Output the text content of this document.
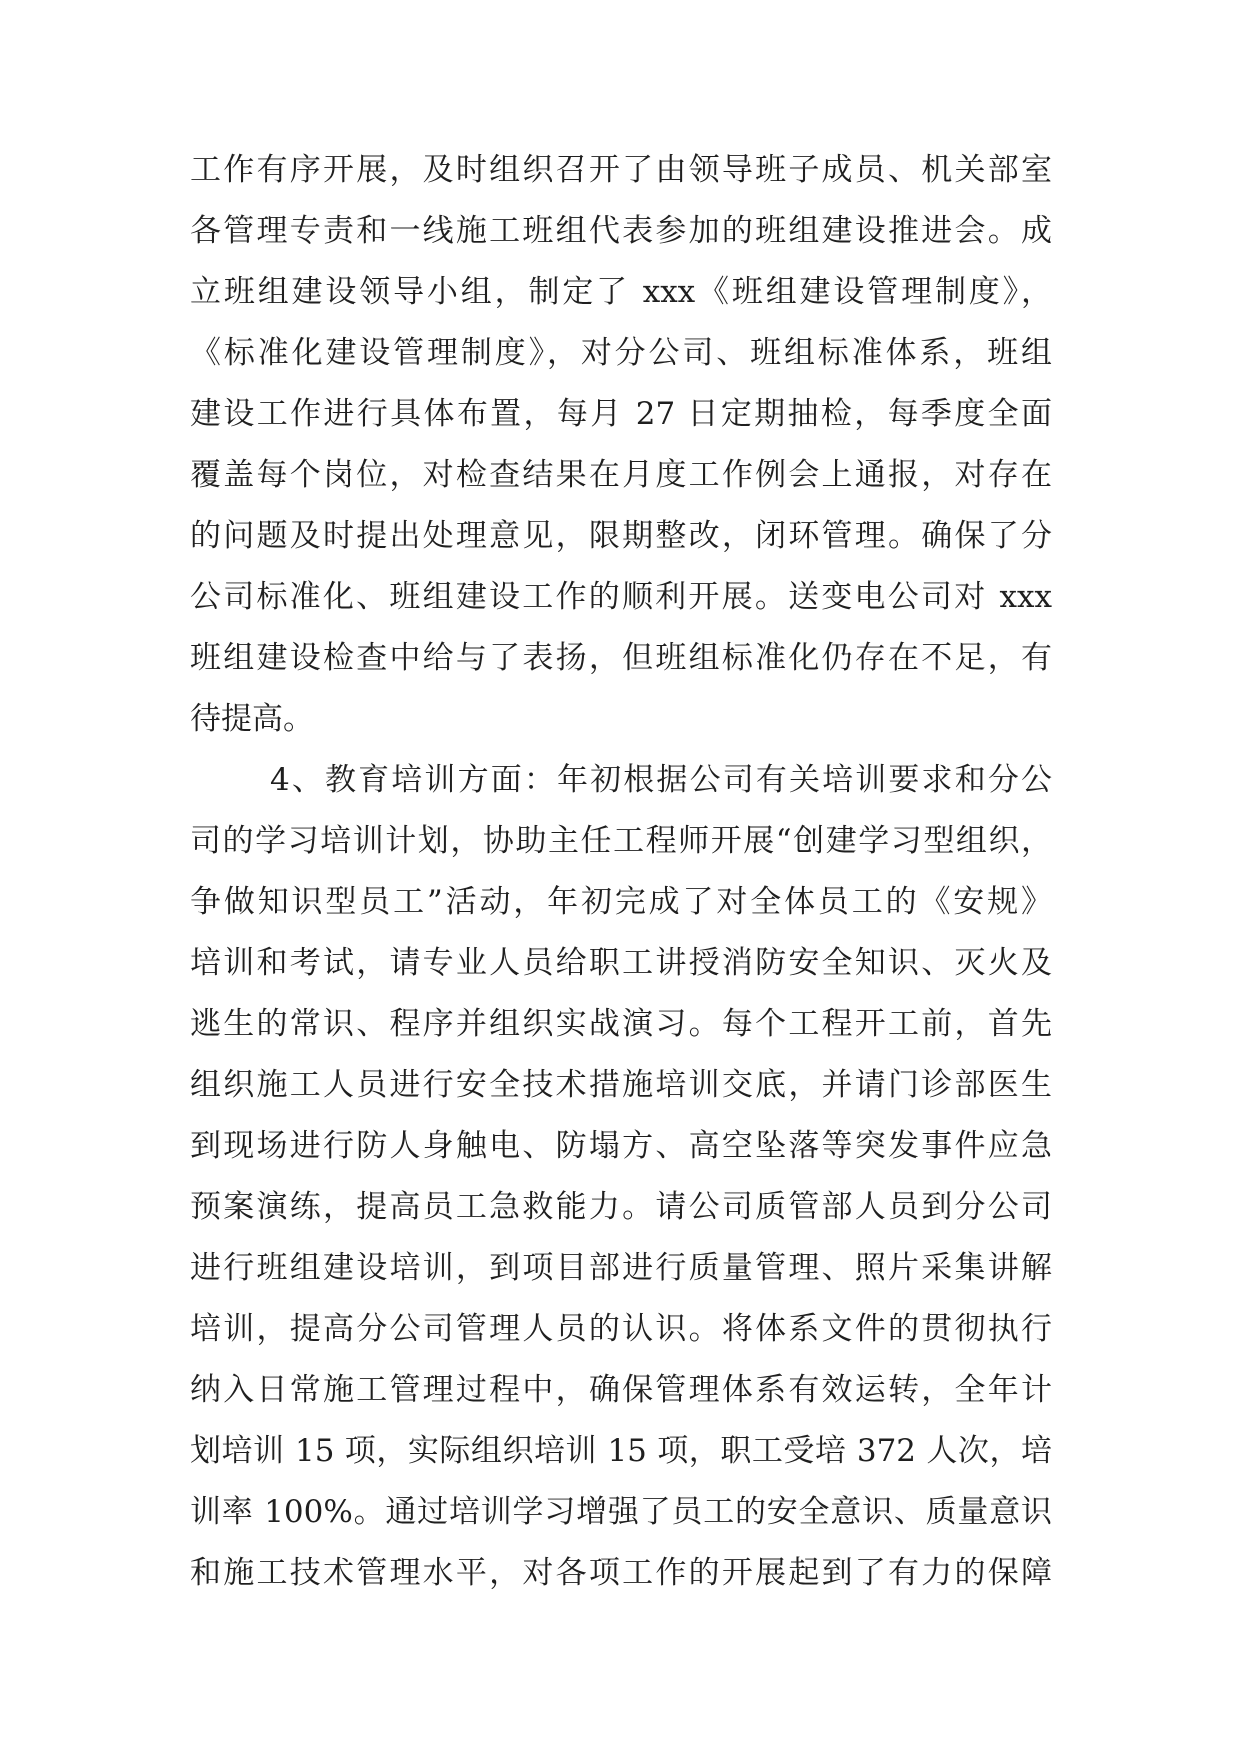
工作有序开展，及时组织召开了由领导班子成员、机关部室
各管理专责和一线施工班组代表参加的班组建设推进会。成
立班组建设领导小组，制定了 xxx《班组建设管理制度》，
《标准化建设管理制度》，对分公司、班组标准体系，班组
建设工作进行具体布置，每月 27 日定期抽检，每季度全面
覆盖每个岗位，对检查结果在月度工作例会上通报，对存在
的问题及时提出处理意见，限期整改，闭环管理。确保了分
公司标准化、班组建设工作的顺利开展。送变电公司对 xxx
班组建设检查中给与了表扬，但班组标准化仍存在不足，有
待提高。
4、教育培训方面：年初根据公司有关培训要求和分公
司的学习培训计划，协助主任工程师开展“创建学习型组织，
争做知识型员工”活动，年初完成了对全体员工的《安规》
培训和考试，请专业人员给职工讲授消防安全知识、灭火及
逃生的常识、程序并组织实战演习。每个工程开工前，首先
组织施工人员进行安全技术措施培训交底，并请门诊部医生
到现场进行防人身触电、防塌方、高空坠落等突发事件应急
预案演练，提高员工急救能力。请公司质管部人员到分公司
进行班组建设培训，到项目部进行质量管理、照片采集讲解
培训，提高分公司管理人员的认识。将体系文件的贯彻执行
纳入日常施工管理过程中，确保管理体系有效运转，全年计
划培训 15 项，实际组织培训 15 项，职工受培 372 人次，培
训率 100%。通过培训学习增强了员工的安全意识、质量意识
和施工技术管理水平，对各项工作的开展起到了有力的保障
